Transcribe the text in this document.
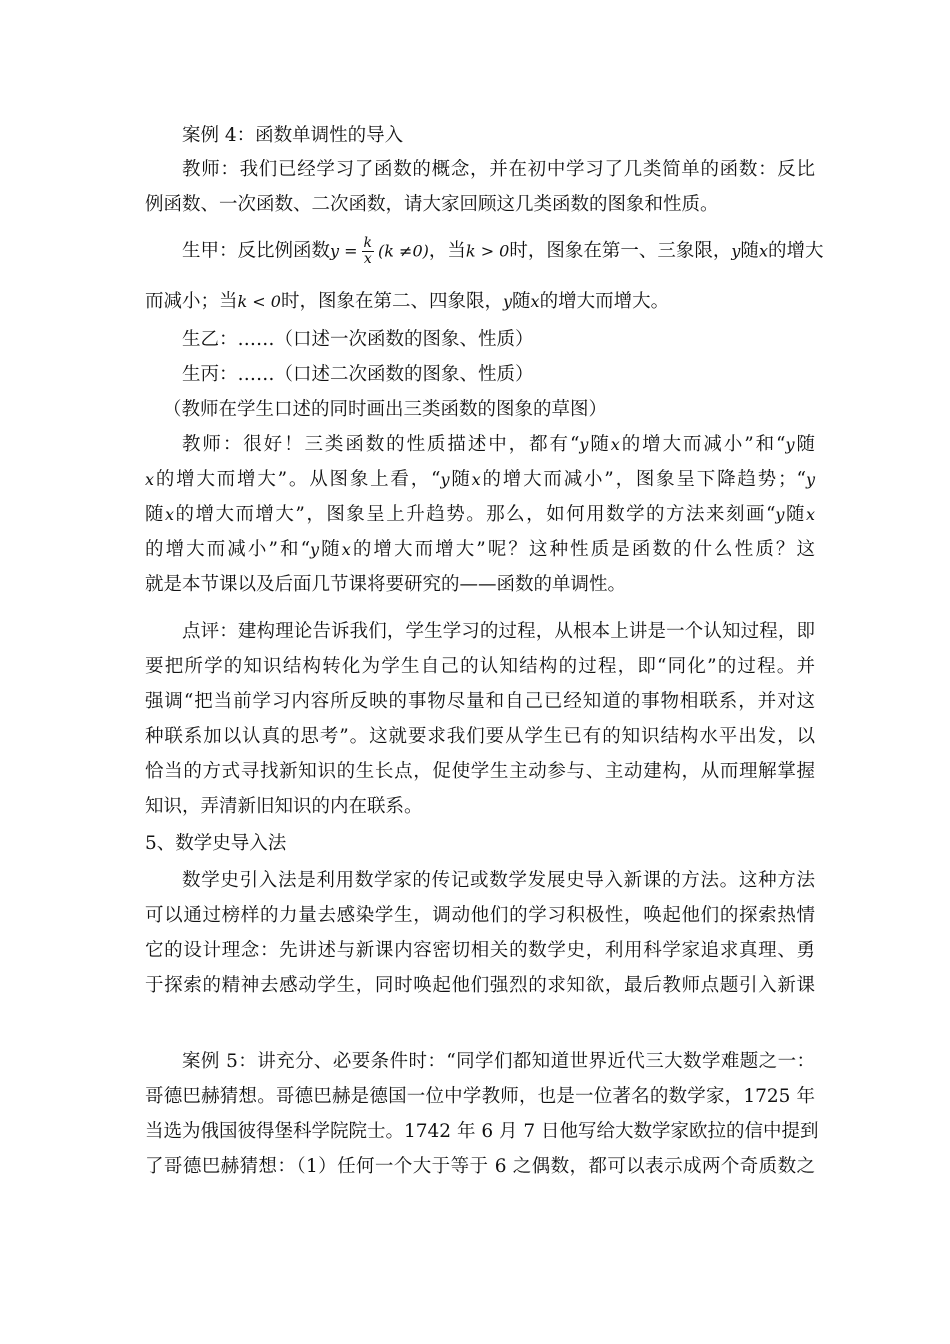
案例 4：函数单调性的导入
教师：我们已经学习了函数的概念，并在初中学习了几类简单的函数：反比
例函数、一次函数、二次函数，请大家回顾这几类函数的图象和性质。
生甲：反比例函数$y = \frac{k}{x} (k \ne 0)$，当k > 0时，图象在第一、三象限，y随x的增大
而减小；当k < 0时，图象在第二、四象限，y随x的增大而增大。
生乙：……（口述一次函数的图象、性质）
生丙：……（口述二次函数的图象、性质）
（教师在学生口述的同时画出三类函数的图象的草图）
教师：很好！三类函数的性质描述中，都有“y随x的增大而减小”和“y随
x的增大而增大”。从图象上看，“y随x的增大而减小”，图象呈下降趋势；“y
随x的增大而增大”，图象呈上升趋势。那么，如何用数学的方法来刻画“y随x
的增大而减小”和“y随x的增大而增大”呢？这种性质是函数的什么性质？这
就是本节课以及后面几节课将要研究的——函数的单调性。
点评：建构理论告诉我们，学生学习的过程，从根本上讲是一个认知过程，即
要把所学的知识结构转化为学生自己的认知结构的过程，即“同化”的过程。并
强调“把当前学习内容所反映的事物尽量和自己已经知道的事物相联系，并对这
种联系加以认真的思考”。这就要求我们要从学生已有的知识结构水平出发，以
恰当的方式寻找新知识的生长点，促使学生主动参与、主动建构，从而理解掌握
知识，弄清新旧知识的内在联系。
5、数学史导入法
数学史引入法是利用数学家的传记或数学发展史导入新课的方法。这种方法
可以通过榜样的力量去感染学生，调动他们的学习积极性，唤起他们的探索热情
它的设计理念：先讲述与新课内容密切相关的数学史，利用科学家追求真理、勇
于探索的精神去感动学生，同时唤起他们强烈的求知欲，最后教师点题引入新课
案例 5：讲充分、必要条件时：“同学们都知道世界近代三大数学难题之一：
哥德巴赫猜想。哥德巴赫是德国一位中学教师，也是一位著名的数学家，1725 年
当选为俄国彼得堡科学院院士。1742 年 6 月 7 日他写给大数学家欧拉的信中提到
了哥德巴赫猜想：（1）任何一个大于等于 6 之偶数，都可以表示成两个奇质数之
